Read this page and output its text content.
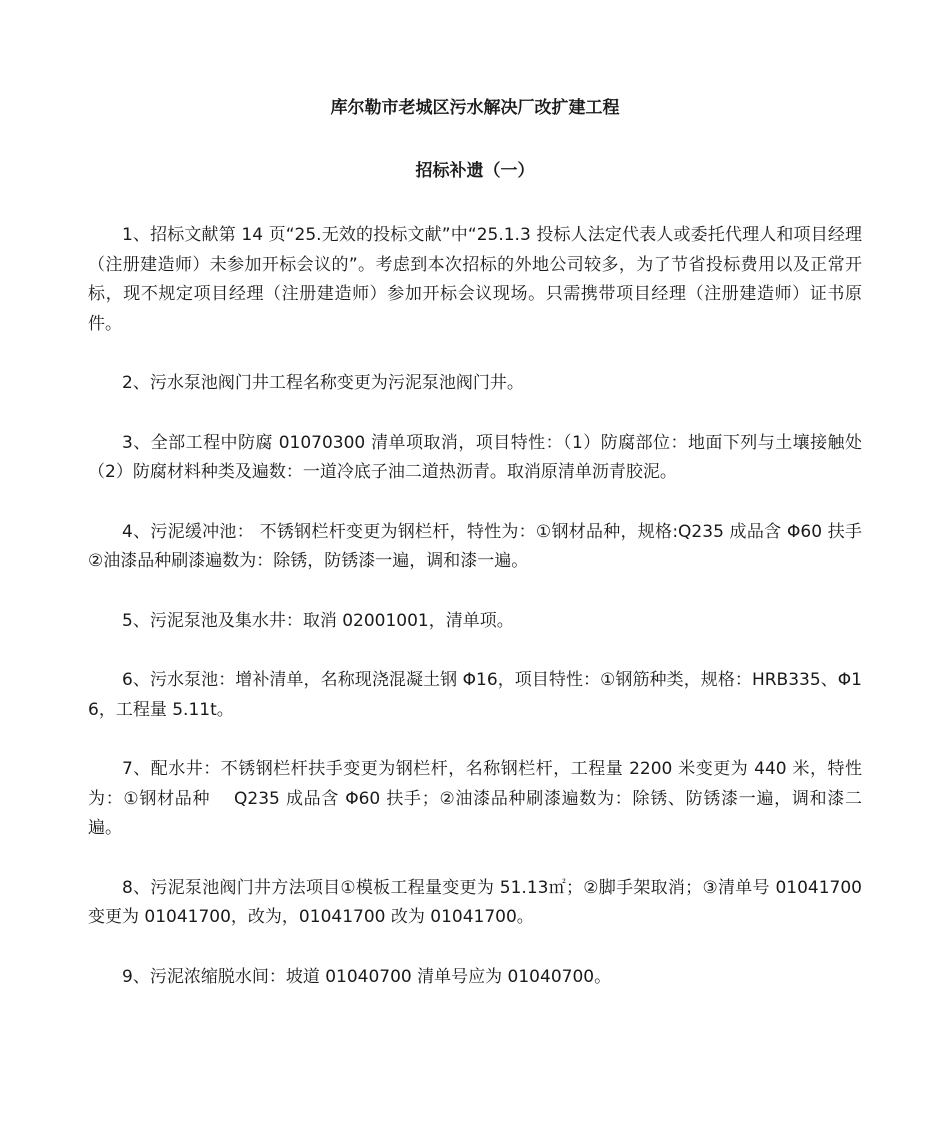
库尔勒市老城区污水解决厂改扩建工程
招标补遗（一）

1、招标文献第 14 页“25.无效的投标文献”中“25.1.3 投标人法定代表人或委托代理人和项目经理（注册建造师）未参加开标会议的”。考虑到本次招标的外地公司较多，为了节省投标费用以及正常开标，现不规定项目经理（注册建造师）参加开标会议现场。只需携带项目经理（注册建造师）证书原件。

2、污水泵池阀门井工程名称变更为污泥泵池阀门井。

3、全部工程中防腐 01070300 清单项取消，项目特性：（1）防腐部位：地面下列与土壤接触处（2）防腐材料种类及遍数：一道冷底子油二道热沥青。取消原清单沥青胶泥。

4、污泥缓冲池： 不锈钢栏杆变更为钢栏杆，特性为：①钢材品种，规格:Q235 成品含 Φ60 扶手②油漆品种刷漆遍数为：除锈，防锈漆一遍，调和漆一遍。

5、污泥泵池及集水井：取消 02001001，清单项。

6、污水泵池：增补清单，名称现浇混凝土钢 Φ16，项目特性：①钢筋种类，规格：HRB335、Φ16，工程量 5.11t。

7、配水井：不锈钢栏杆扶手变更为钢栏杆，名称钢栏杆，工程量 2200 米变更为 440 米，特性为：①钢材品种　 Q235 成品含 Φ60 扶手；②油漆品种刷漆遍数为：除锈、防锈漆一遍，调和漆二遍。

8、污泥泵池阀门井方法项目①模板工程量变更为 51.13㎡；②脚手架取消；③清单号 01041700 变更为 01041700，改为，01041700 改为 01041700。

9、污泥浓缩脱水间：坡道 01040700 清单号应为 01040700。
